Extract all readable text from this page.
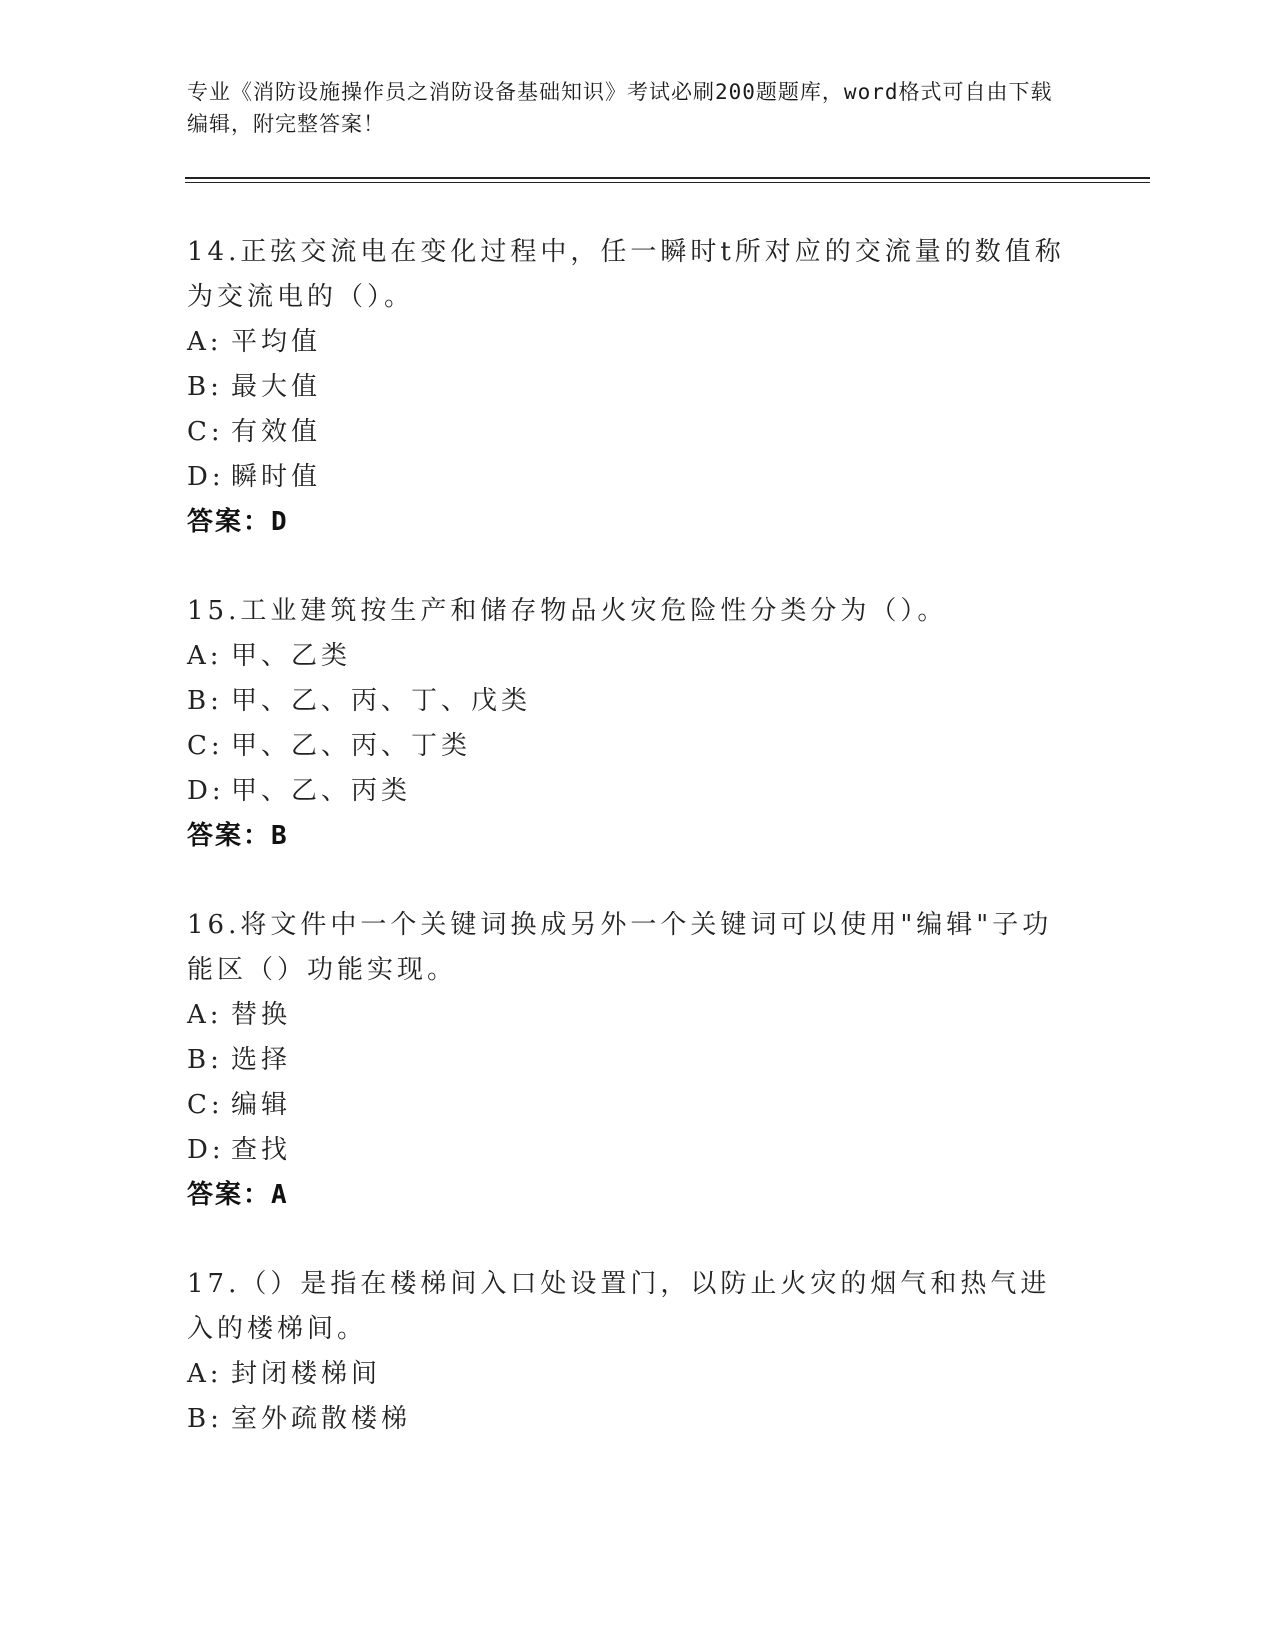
专业《消防设施操作员之消防设备基础知识》考试必刷200题题库，word格式可自由下载编辑，附完整答案！
14.正弦交流电在变化过程中，任一瞬时t所对应的交流量的数值称为交流电的（）。
A: 平均值
B: 最大值
C: 有效值
D: 瞬时值
答案：D
15.工业建筑按生产和储存物品火灾危险性分类分为（）。
A: 甲、乙类
B: 甲、乙、丙、丁、戊类
C: 甲、乙、丙、丁类
D: 甲、乙、丙类
答案：B
16.将文件中一个关键词换成另外一个关键词可以使用"编辑"子功能区（）功能实现。
A: 替换
B: 选择
C: 编辑
D: 查找
答案：A
17.（）是指在楼梯间入口处设置门，以防止火灾的烟气和热气进入的楼梯间。
A: 封闭楼梯间
B: 室外疏散楼梯
